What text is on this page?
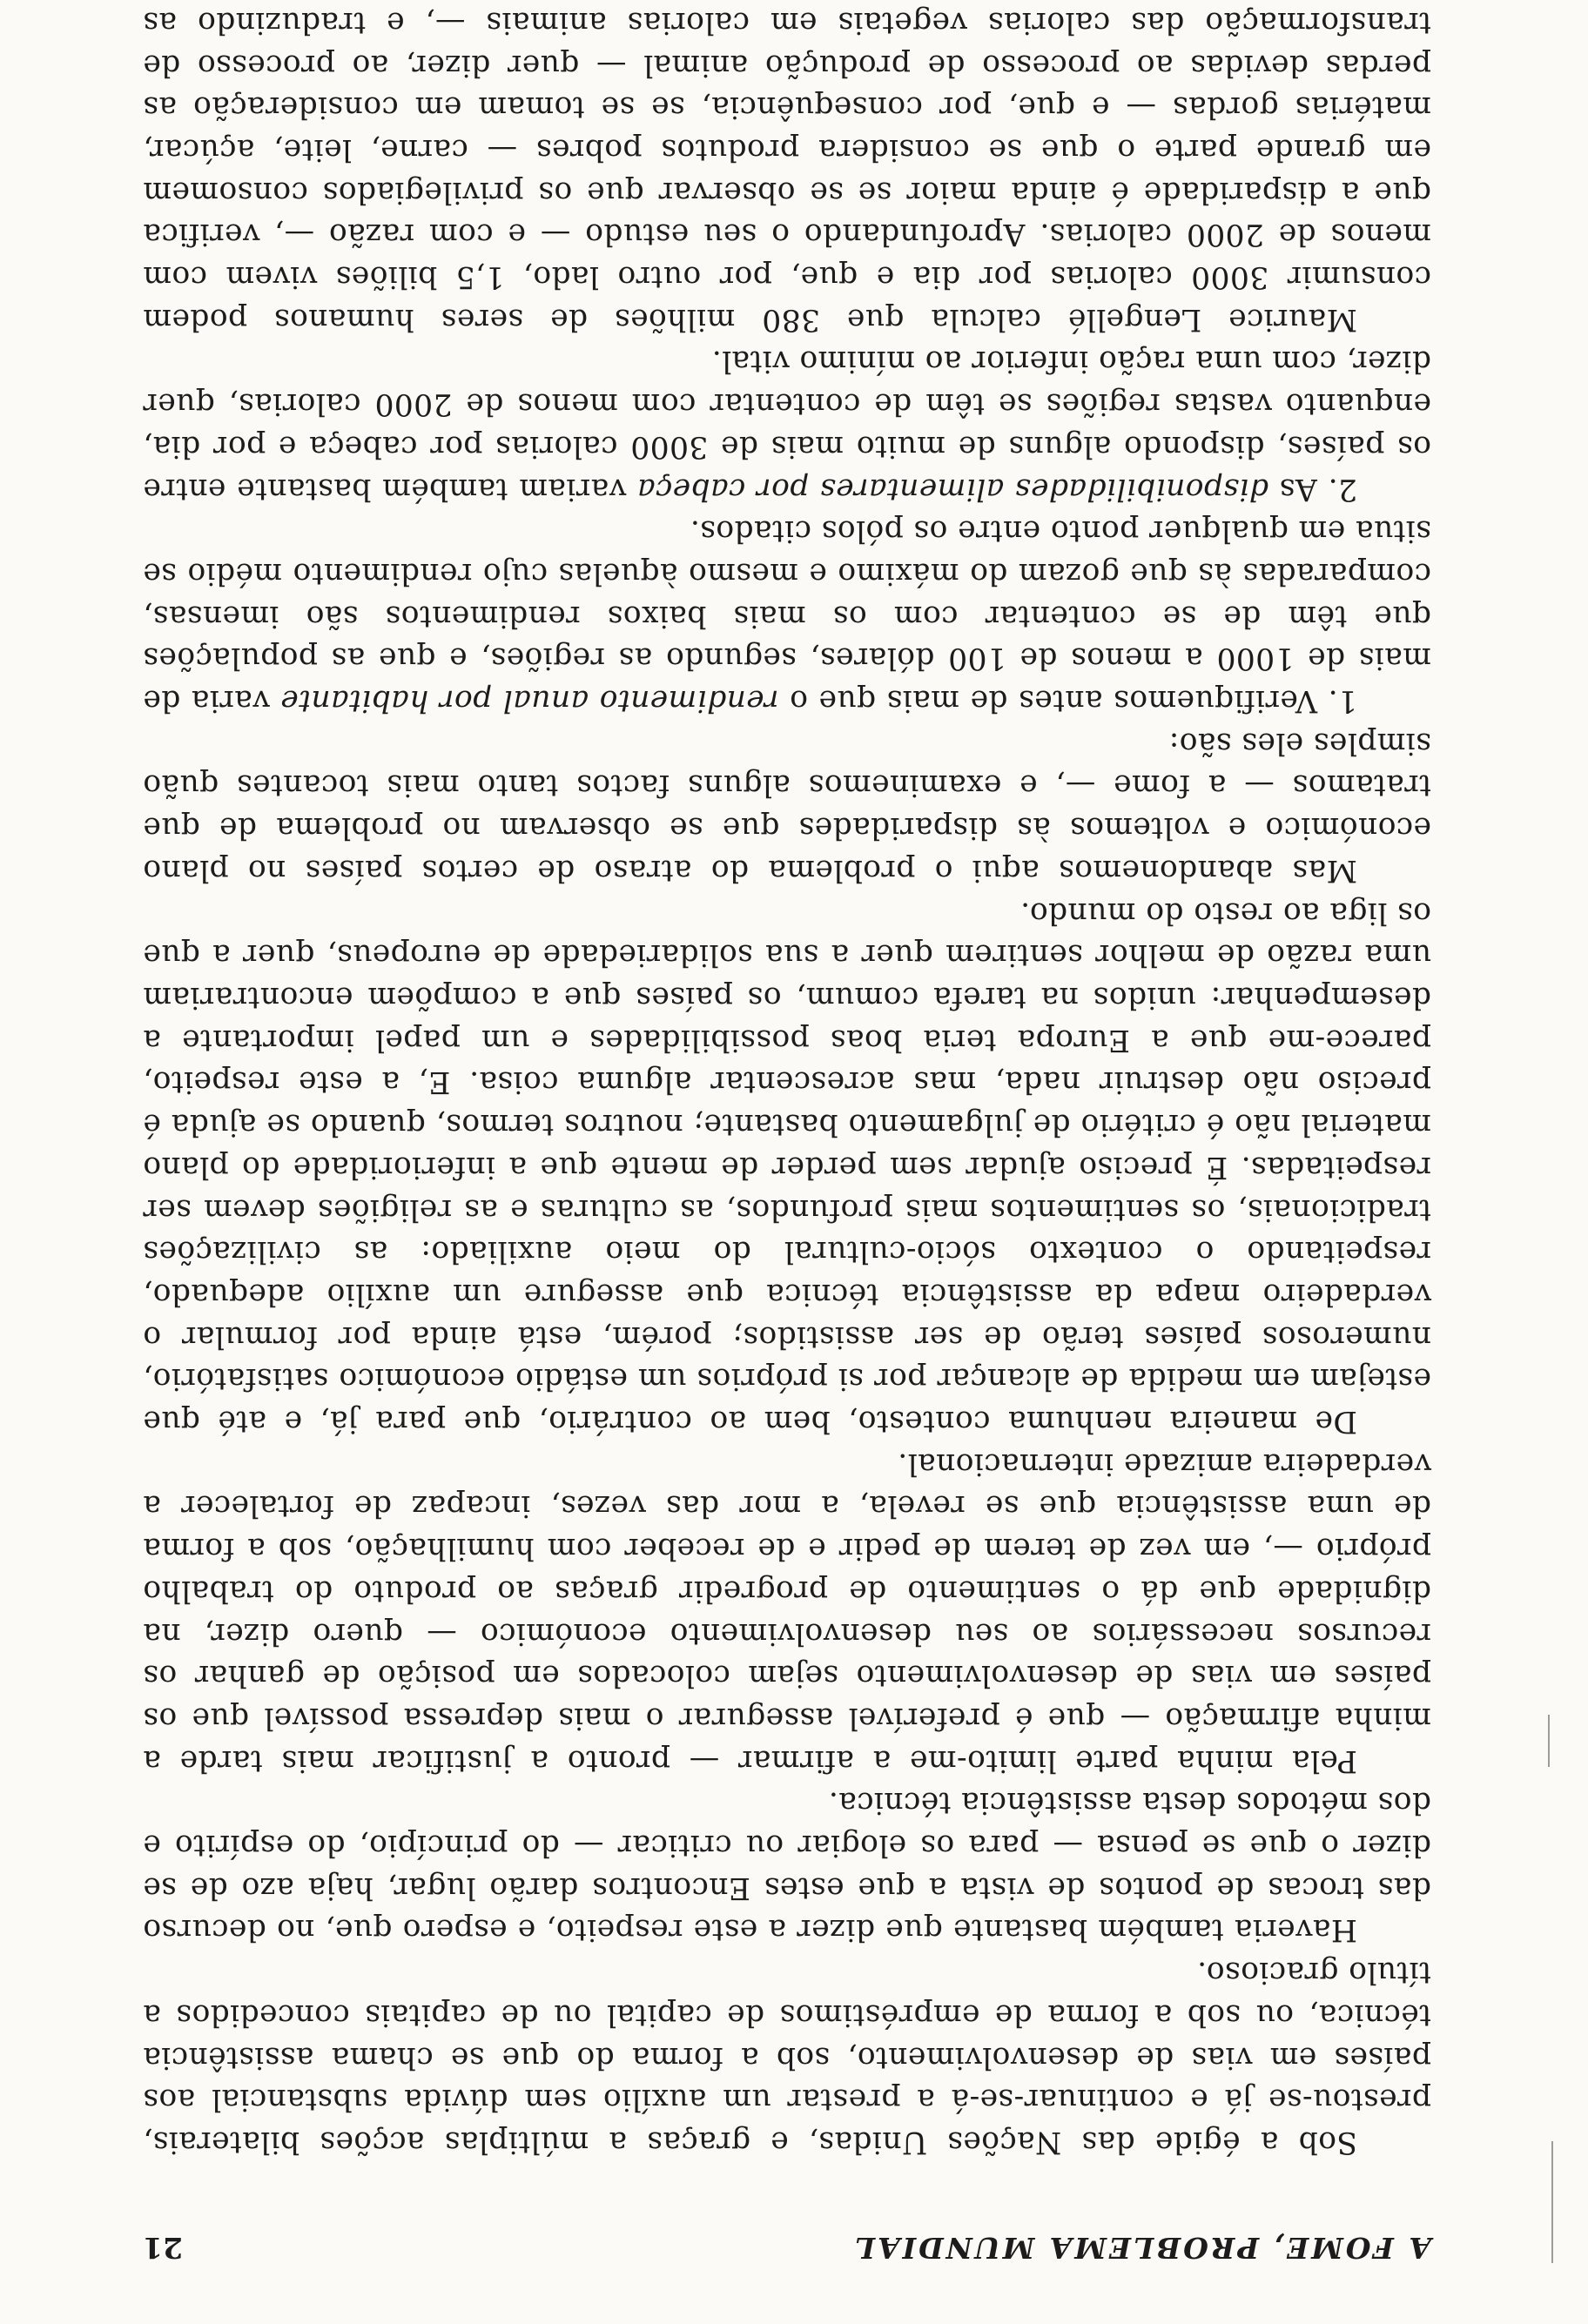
A FOME, PROBLEMA MUNDIAL
21

Sob a égide das Nações Unidas, e graças a múltiplas acções bilaterais, prestou-se já e continuar-se-á a prestar um auxílio sem dúvida substancial aos países em vias de desenvolvimento, sob a forma do que se chama assistência técnica, ou sob a forma de empréstimos de capital ou de capitais concedidos a título gracioso.

Haveria também bastante que dizer a este respeito, e espero que, no decurso das trocas de pontos de vista a que estes Encontros darão lugar, haja azo de se dizer o que se pensa — para os elogiar ou criticar — do princípio, do espírito e dos métodos desta assistência técnica.

Pela minha parte limito-me a afirmar — pronto a justificar mais tarde a minha afirmação — que é preferível assegurar o mais depressa possível que os países em vias de desenvolvimento sejam colocados em posição de ganhar os recursos necessários ao seu desenvolvimento económico — quero dizer, na dignidade que dá o sentimento de progredir graças ao produto do trabalho próprio —, em vez de terem de pedir e de receber com humilhação, sob a forma de uma assistência que se revela, a mor das vezes, incapaz de fortalecer a verdadeira amizade internacional.

De maneira nenhuma contesto, bem ao contrário, que para já, e até que estejam em medida de alcançar por si próprios um estádio económico satisfatório, numerosos países terão de ser assistidos; porém, está ainda por formular o verdadeiro mapa da assistência técnica que assegure um auxílio adequado, respeitando o contexto sócio-cultural do meio auxiliado: as civilizações tradicionais, os sentimentos mais profundos, as culturas e as religiões devem ser respeitadas. É preciso ajudar sem perder de mente que a inferioridade do plano material não é critério de julgamento bastante; noutros termos, quando se ajuda é preciso não destruir nada, mas acrescentar alguma coisa. E, a este respeito, parece-me que a Europa teria boas possibilidades e um papel importante a desempenhar: unidos na tarefa comum, os países que a compõem encontrariam uma razão de melhor sentirem quer a sua solidariedade de europeus, quer a que os liga ao resto do mundo.

Mas abandonemos aqui o problema do atraso de certos países no plano económico e voltemos às disparidades que se observam no problema de que tratamos — a fome —, e examinemos alguns factos tanto mais tocantes quão simples eles são:

1. Verifiquemos antes de mais que o rendimento anual por habitante varia de mais de 1000 a menos de 100 dólares, segundo as regiões, e que as populações que têm de se contentar com os mais baixos rendimentos são imensas, comparadas às que gozam do máximo e mesmo àquelas cujo rendimento médio se situa em qualquer ponto entre os pólos citados.

2. As disponibilidades alimentares por cabeça variam também bastante entre os países, dispondo alguns de muito mais de 3000 calorias por cabeça e por dia, enquanto vastas regiões se têm de contentar com menos de 2000 calorias, quer dizer, com uma ração inferior ao mínimo vital.

Maurice Lengellé calcula que 380 milhões de seres humanos podem consumir 3000 calorias por dia e que, por outro lado, 1,5 biliões vivem com menos de 2000 calorias. Aprofundando o seu estudo — e com razão —, verifica que a disparidade é ainda maior se se observar que os privilegiados consomem em grande parte o que se considera produtos pobres — carne, leite, açúcar, matérias gordas — e que, por consequência, se se tomam em consideração as perdas devidas ao processo de produção animal — quer dizer, ao processo de transformação das calorias vegetais em calorias animais —, e traduzindo as
